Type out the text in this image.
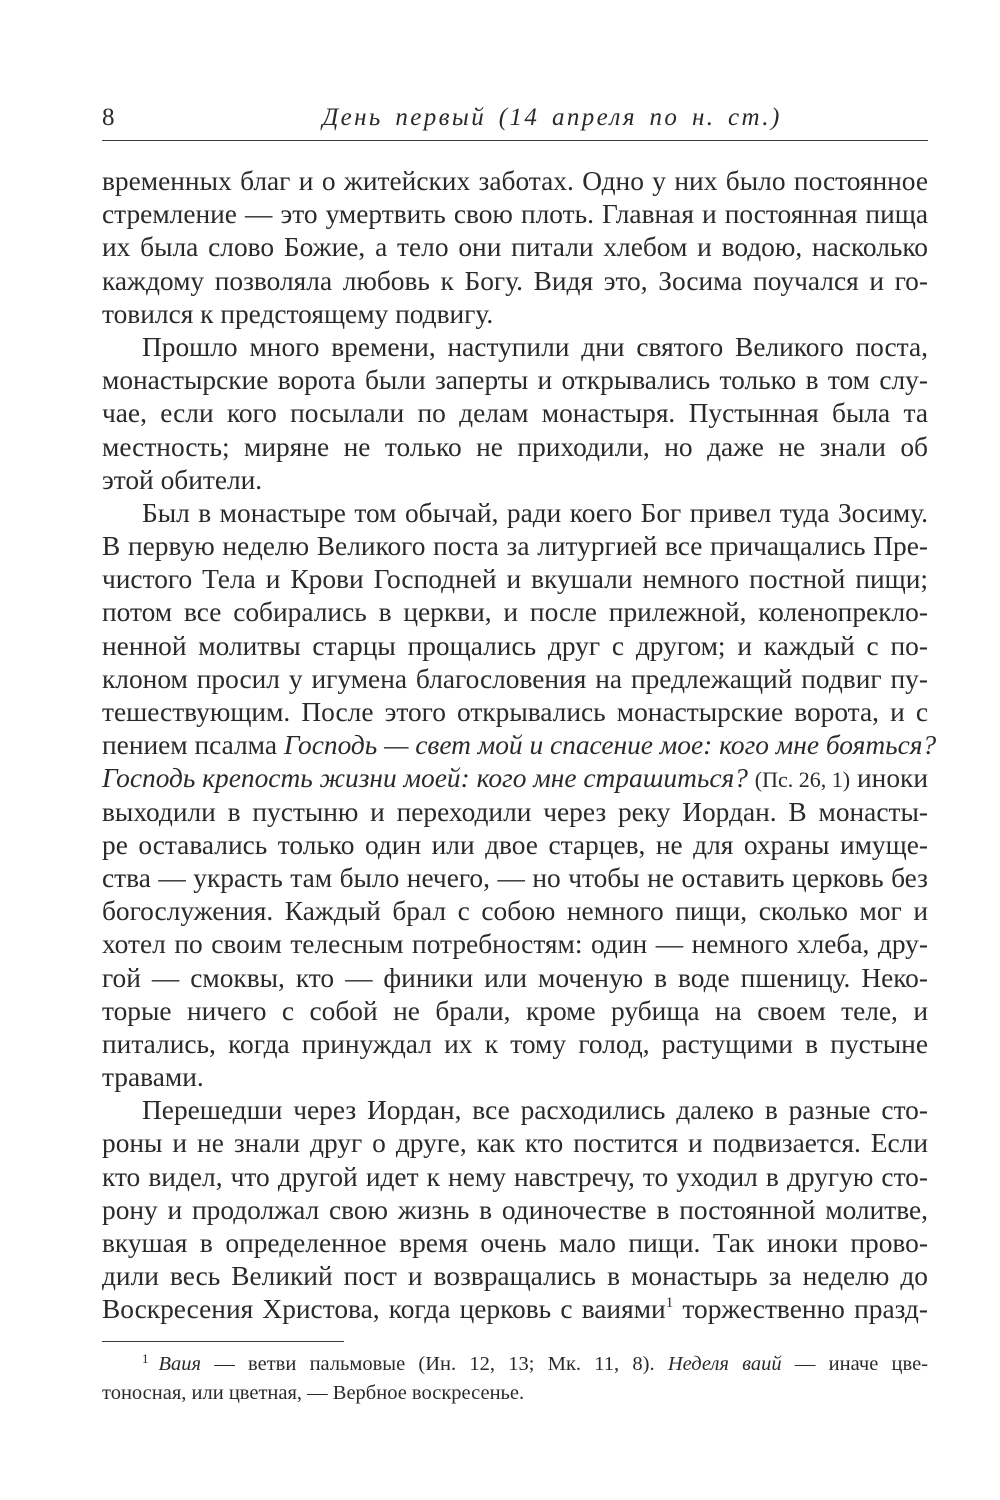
8	День первый (14 апреля по н. ст.)

временных благ и о житейских заботах. Одно у них было постоянное
стремление — это умертвить свою плоть. Главная и постоянная пища
их была слово Божие, а тело они питали хлебом и водою, насколько
каждому позволяла любовь к Богу. Видя это, Зосима поучался и го-
товился к предстоящему подвигу.

Прошло много времени, наступили дни святого Великого поста,
монастырские ворота были заперты и открывались только в том слу-
чае, если кого посылали по делам монастыря. Пустынная была та
местность; миряне не только не приходили, но даже не знали об
этой обители.

Был в монастыре том обычай, ради коего Бог привел туда Зосиму.
В первую неделю Великого поста за литургией все причащались Пре-
чистого Тела и Крови Господней и вкушали немного постной пищи;
потом все собирались в церкви, и после прилежной, коленопрекло-
ненной молитвы старцы прощались друг с другом; и каждый с по-
клоном просил у игумена благословения на предлежащий подвиг пу-
тешествующим. После этого открывались монастырские ворота, и с
пением псалма Господь — свет мой и спасение мое: кого мне бояться?
Господь крепость жизни моей: кого мне страшиться? (Пс. 26, 1) иноки
выходили в пустыню и переходили через реку Иордан. В монасты-
ре оставались только один или двое старцев, не для охраны имуще-
ства — украсть там было нечего, — но чтобы не оставить церковь без
богослужения. Каждый брал с собою немного пищи, сколько мог и
хотел по своим телесным потребностям: один — немного хлеба, дру-
гой — смоквы, кто — финики или моченую в воде пшеницу. Неко-
торые ничего с собой не брали, кроме рубища на своем теле, и
питались, когда принуждал их к тому голод, растущими в пустыне
травами.

Перешедши через Иордан, все расходились далеко в разные сто-
роны и не знали друг о друге, как кто постится и подвизается. Если
кто видел, что другой идет к нему навстречу, то уходил в другую сто-
рону и продолжал свою жизнь в одиночестве в постоянной молитве,
вкушая в определенное время очень мало пищи. Так иноки прово-
дили весь Великий пост и возвращались в монастырь за неделю до
Воскресения Христова, когда церковь с ваиями$^1$ торжественно празд-

$^1$ Ваия — ветви пальмовые (Ин. 12, 13; Мк. 11, 8). Неделя ваий — иначе цве-
тоносная, или цветная, — Вербное воскресенье.
